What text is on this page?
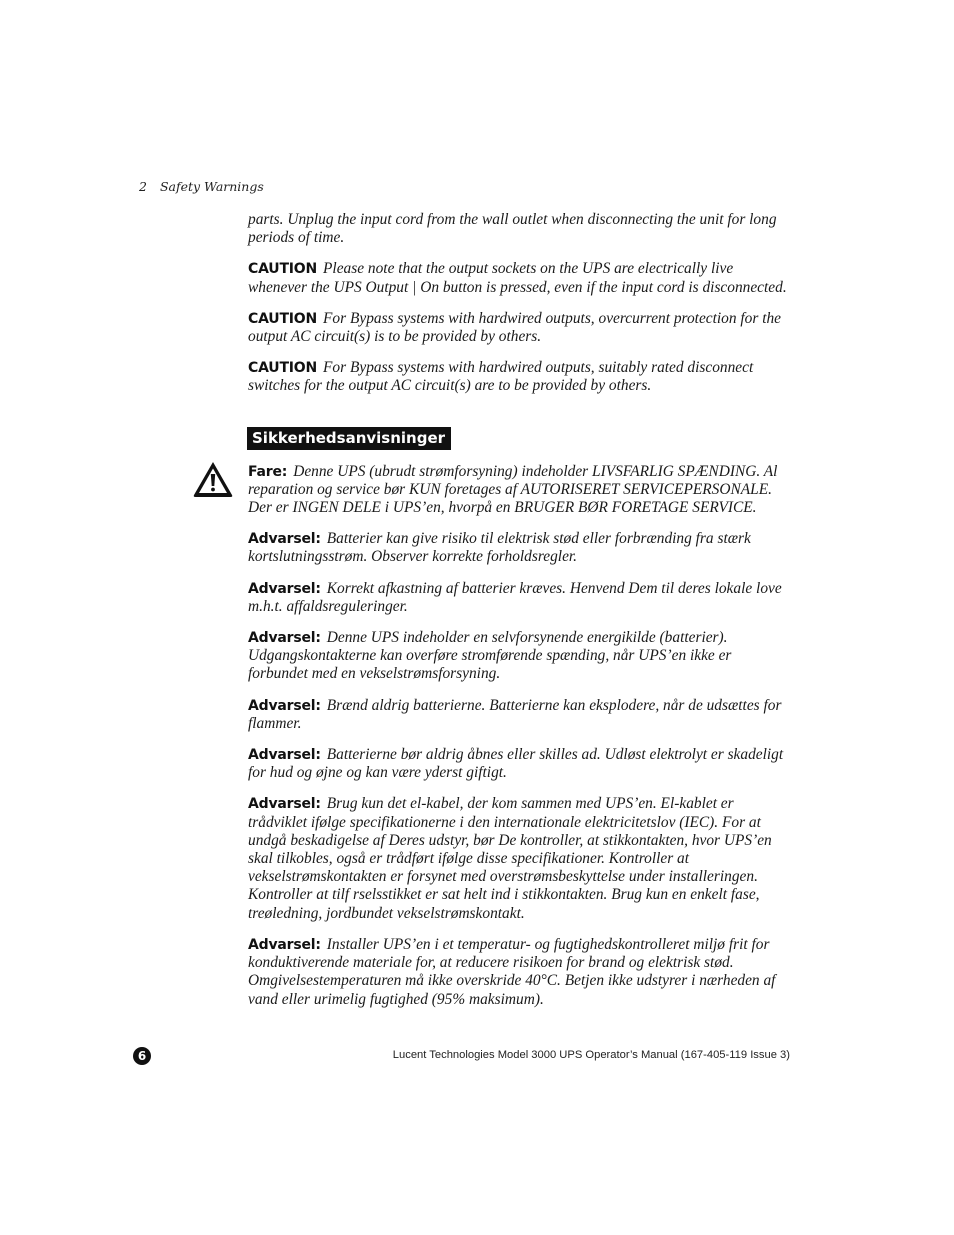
2 Safety Warnings

parts. Unplug the input cord from the wall outlet when disconnecting the unit for long periods of time.

CAUTION Please note that the output sockets on the UPS are electrically live whenever the UPS Output | On button is pressed, even if the input cord is disconnected.

CAUTION For Bypass systems with hardwired outputs, overcurrent protection for the output AC circuit(s) is to be provided by others.

CAUTION For Bypass systems with hardwired outputs, suitably rated disconnect switches for the output AC circuit(s) are to be provided by others.

Sikkerhedsanvisninger

Fare: Denne UPS (ubrudt strømforsyning) indeholder LIVSFARLIG SPÆNDING. Al reparation og service bør KUN foretages af AUTORISERET SERVICEPERSONALE. Der er INGEN DELE i UPS’en, hvorpå en BRUGER BØR FORETAGE SERVICE.

Advarsel: Batterier kan give risiko til elektrisk stød eller forbrænding fra stærk kortslutningsstrøm. Observer korrekte forholdsregler.

Advarsel: Korrekt afkastning af batterier kræves. Henvend Dem til deres lokale love m.h.t. affaldsreguleringer.

Advarsel: Denne UPS indeholder en selvforsynende energikilde (batterier). Udgangskontakterne kan overføre stromførende spænding, når UPS’en ikke er forbundet med en vekselstrømsforsyning.

Advarsel: Brænd aldrig batterierne. Batterierne kan eksplodere, når de udsættes for flammer.

Advarsel: Batterierne bør aldrig åbnes eller skilles ad. Udløst elektrolyt er skadeligt for hud og øjne og kan være yderst giftigt.

Advarsel: Brug kun det el-kabel, der kom sammen med UPS’en. El-kablet er trådviklet ifølge specifikationerne i den internationale elektricitetslov (IEC). For at undgå beskadigelse af Deres udstyr, bør De kontroller, at stikkontakten, hvor UPS’en skal tilkobles, også er trådført ifølge disse specifikationer. Kontroller at vekselstrømskontakten er forsynet med overstrømsbeskyttelse under installeringen. Kontroller at tilf rselsstikket er sat helt ind i stikkontakten. Brug kun en enkelt fase, treøledning, jordbundet vekselstrømskontakt.

Advarsel: Installer UPS’en i et temperatur- og fugtighedskontrolleret miljø frit for konduktiverende materiale for, at reducere risikoen for brand og elektrisk stød. Omgivelsestemperaturen må ikke overskride 40°C. Betjen ikke udstyrer i nærheden af vand eller urimelig fugtighed (95% maksimum).

6	Lucent Technologies Model 3000 UPS Operator’s Manual (167-405-119 Issue 3)
